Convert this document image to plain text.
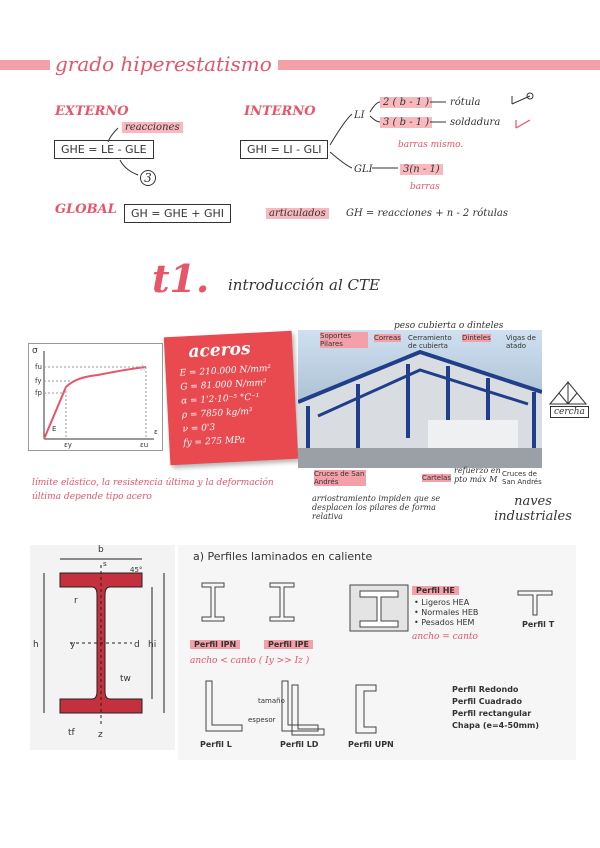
grado hiperestatismo
EXTERNO
reacciones
GHE = LE - GLE
3
INTERNO
GHI = LI - GLI
LI
2 ( b - 1 )	rótula
3 ( b - 1 )	soldadura
barras mismo.
GLI	3(n - 1)
barras
GLOBAL	GH = GHE + GHI	articulados	GH = reacciones + n - 2 rótulas
t1. introducción al CTE
☆
σ
fu
fy
fp
E
εy	εu
ε
aceros
E = 210.000 N/mm²
G = 81.000 N/mm²
α = 1'2·10⁻⁵ °C⁻¹
ρ = 7850 kg/m³
ν = 0'3
fy = 275 MPa
peso cubierta o dinteles
Soportes Pilares
Correas Cerramiento de cubierta
Dinteles Vigas de atado
Cruces de San Andrés	Cartelas
refuerzo en pto máx M
Cruces de San Andrés
arriostramiento impiden que se desplacen los pilares de forma relativa
cercha
naves industriales
límite elástico, la resistencia última y la deformación última depende tipo acero
b
s
45°
r
y
h	d hi
tw
tf	z
a) Perfiles laminados en caliente
Perfil HE
• Ligeros HEA
• Normales HEB
• Pesados HEM
ancho = canto
Perfil T
Perfil IPN	Perfil IPE
ancho < canto ( Iy >> Iz )
tamaño
espesor
Perfil L	Perfil LD	Perfil UPN
Perfil Redondo
Perfil Cuadrado
Perfil rectangular
Chapa (e=4-50mm)
